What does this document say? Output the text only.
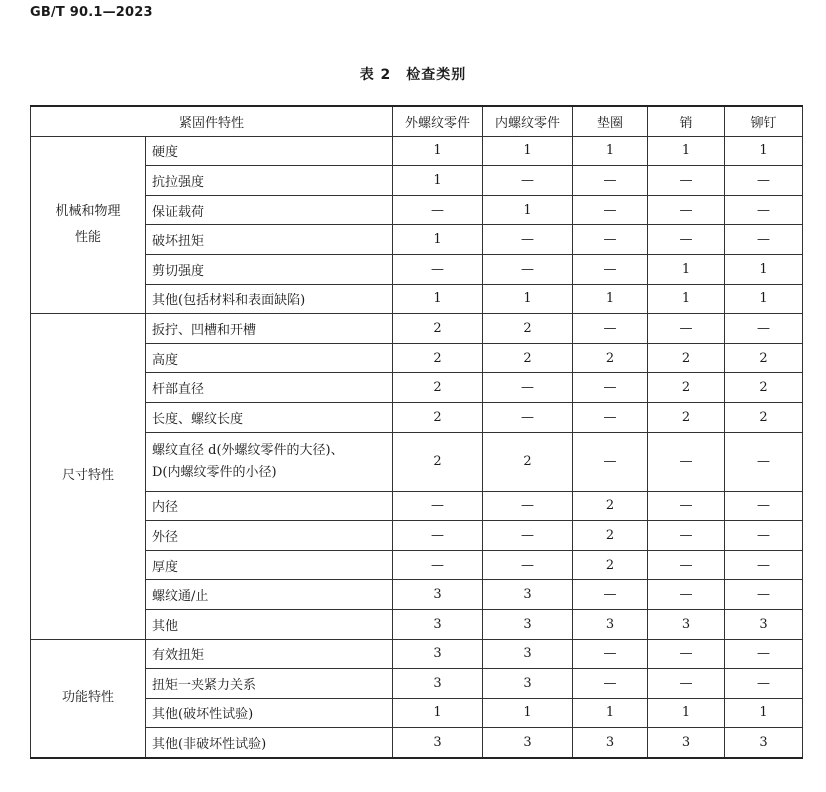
GB/T 90.1—2023
表 2　检查类别
紧固件特性		外螺纹零件	内螺纹零件	垫圈	销	铆钉

机械和物理
性能	硬度	1	1	1	1	1

	抗拉强度	1	—	—	—	—

	保证载荷	—	1	—	—	—

	破坏扭矩	1	—	—	—	—

	剪切强度	—	—	—	1	1

	其他(包括材料和表面缺陷)	1	1	1	1	1

尺寸特性	扳拧、凹槽和开槽	2	2	—	—	—

	高度	2	2	2	2	2

	杆部直径	2	—	—	2	2

	长度、螺纹长度	2	—	—	2	2

	螺纹直径 d(外螺纹零件的大径)、
D(内螺纹零件的小径)	2	2	—	—	—

	内径	—	—	2	—	—

	外径	—	—	2	—	—

	厚度	—	—	2	—	—

	螺纹通/止	3	3	—	—	—

	其他	3	3	3	3	3

功能特性	有效扭矩	3	3	—	—	—

	扭矩一夹紧力关系	3	3	—	—	—

	其他(破坏性试验)	1	1	1	1	1

	其他(非破坏性试验)	3	3	3	3	3
